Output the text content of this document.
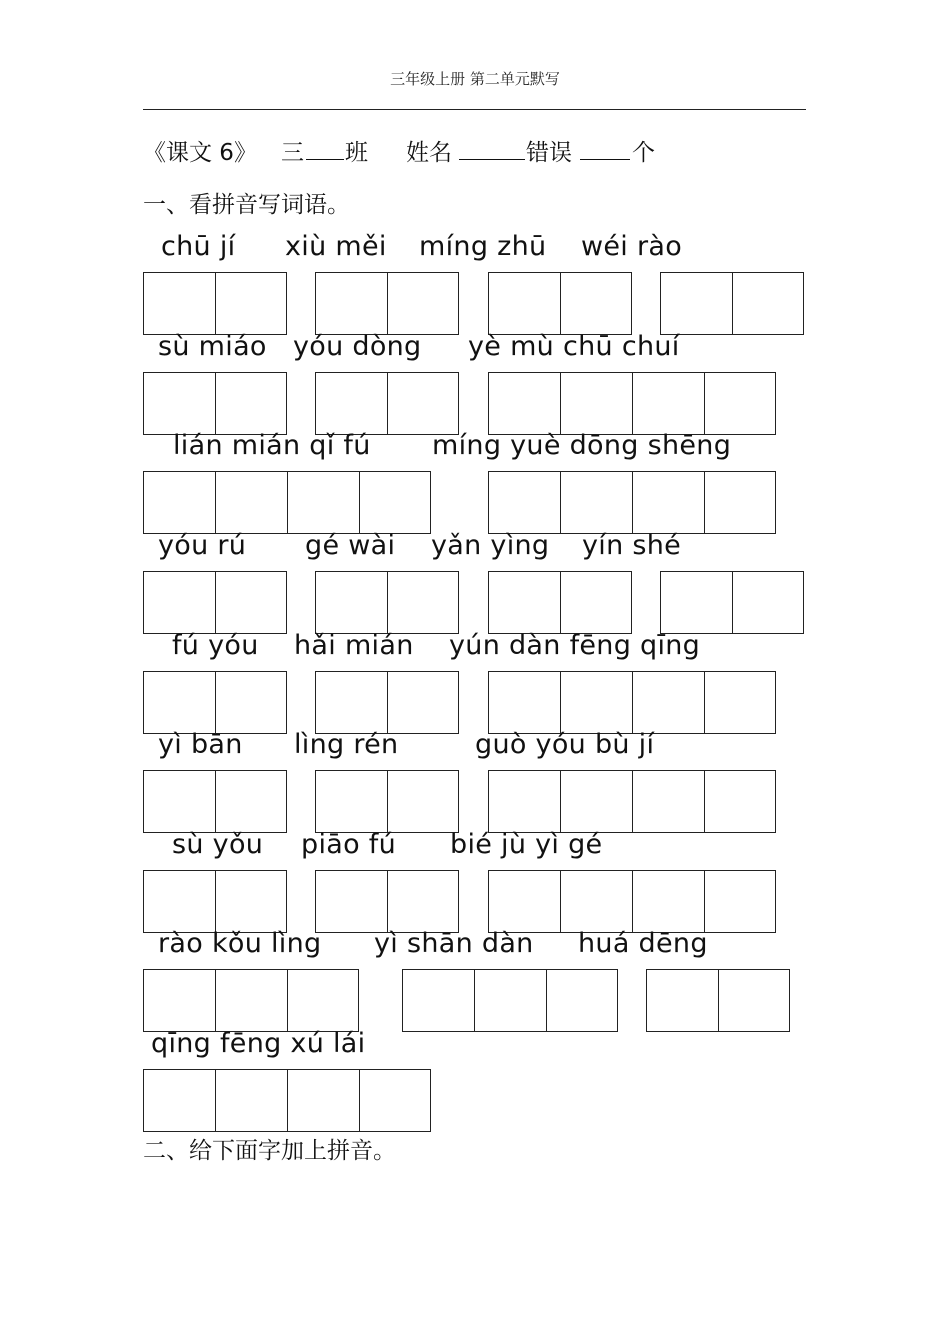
三年级上册 第二单元默写
《课文 6》 三 班 姓名	错误	个
一、看拼音写词语。
chū jí xiù měi míng zhū wéi rào
sù miáo yóu dòng yè mù chū chuí
lián mián qǐ fú míng yuè dōng shēng
yóu rú gé wài yǎn yìng yín shé
fú yóu hǎi mián yún dàn fēng qīng
yì bān lìng rén	guò yóu bù jí
sù yǒu piāo fú bié jù yì gé
rào kǒu lìng yì shān dàn huá dēng
qīng fēng xú lái
二、给下面字加上拼音。
